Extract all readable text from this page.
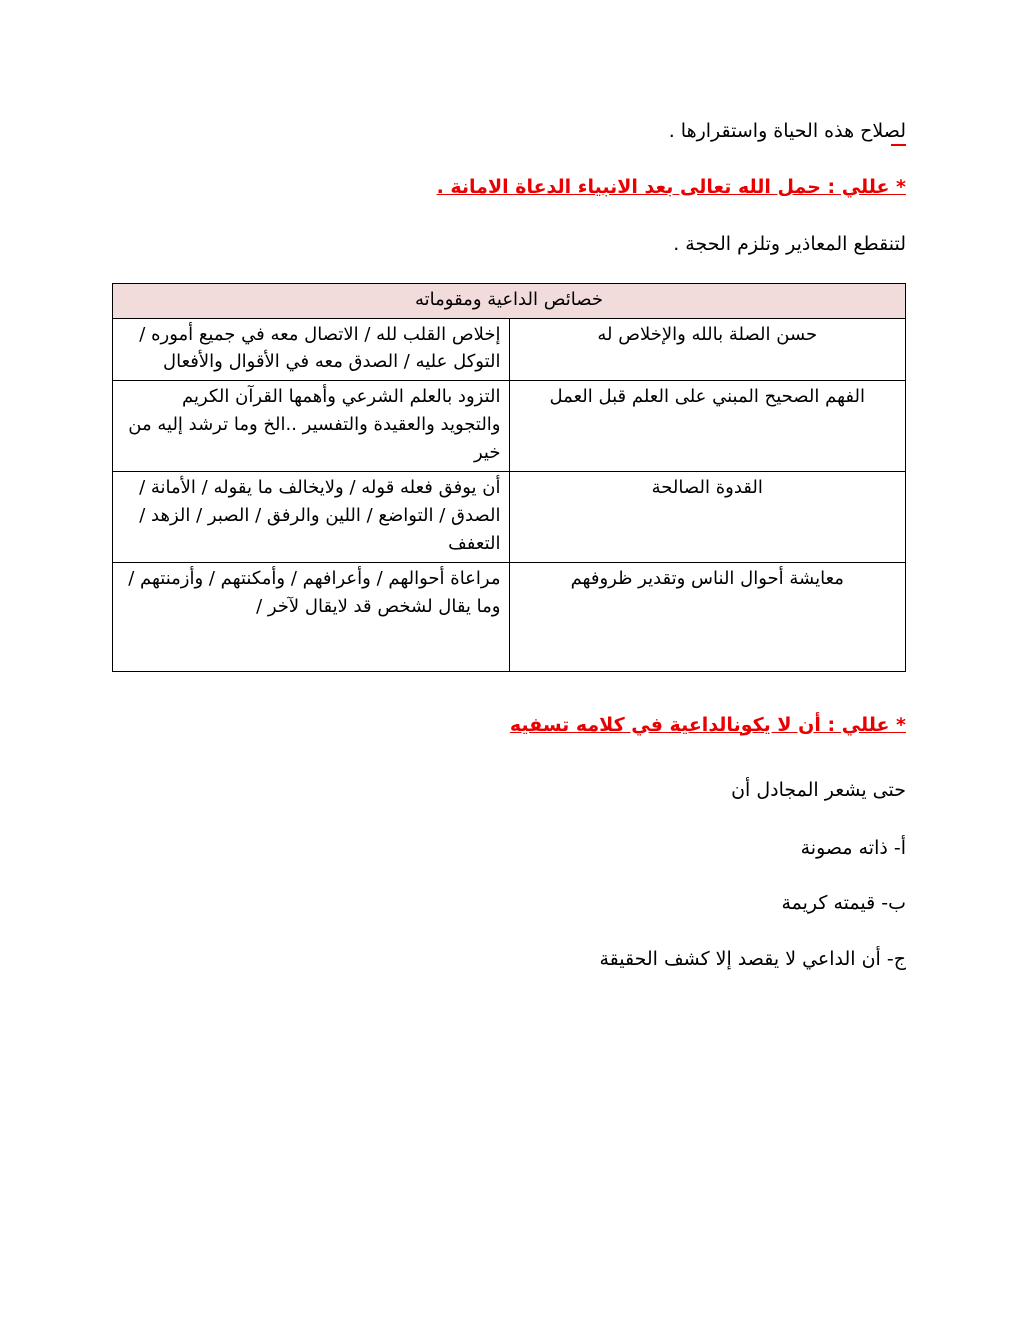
لصلاح هذه الحياة واستقرارها .

* عللي : حمل الله تعالى بعد الانبياء الدعاة الامانة .

لتنقطع المعاذير وتلزم الحجة .

خصائص الداعية ومقوماته	
حسن الصلة بالله والإخلاص له	إخلاص القلب لله / الاتصال معه في جميع أموره /التوكل عليه / الصدق معه في الأقوال والأفعال
الفهم الصحيح المبني على العلم قبل العمل	التزود بالعلم الشرعي وأهمها القرآن الكريم والتجويد والعقيدة والتفسير ..الخ وما ترشد إليه من خير
القدوة الصالحة	أن يوفق فعله قوله / ولايخالف ما يقوله / الأمانة / الصدق / التواضع / اللين والرفق / الصبر / الزهد / التعفف
معايشة أحوال الناس وتقدير ظروفهم	مراعاة أحوالهم / وأعرافهم / وأمكنتهم / وأزمنتهم / وما يقال لشخص قد لايقال لآخر /

* عللي : أن لا يكونالداعية في كلامه تسفيه

حتى يشعر المجادل أن

أ- ذاته مصونة

ب- قيمته كريمة

ج- أن الداعي لا يقصد إلا كشف الحقيقة
